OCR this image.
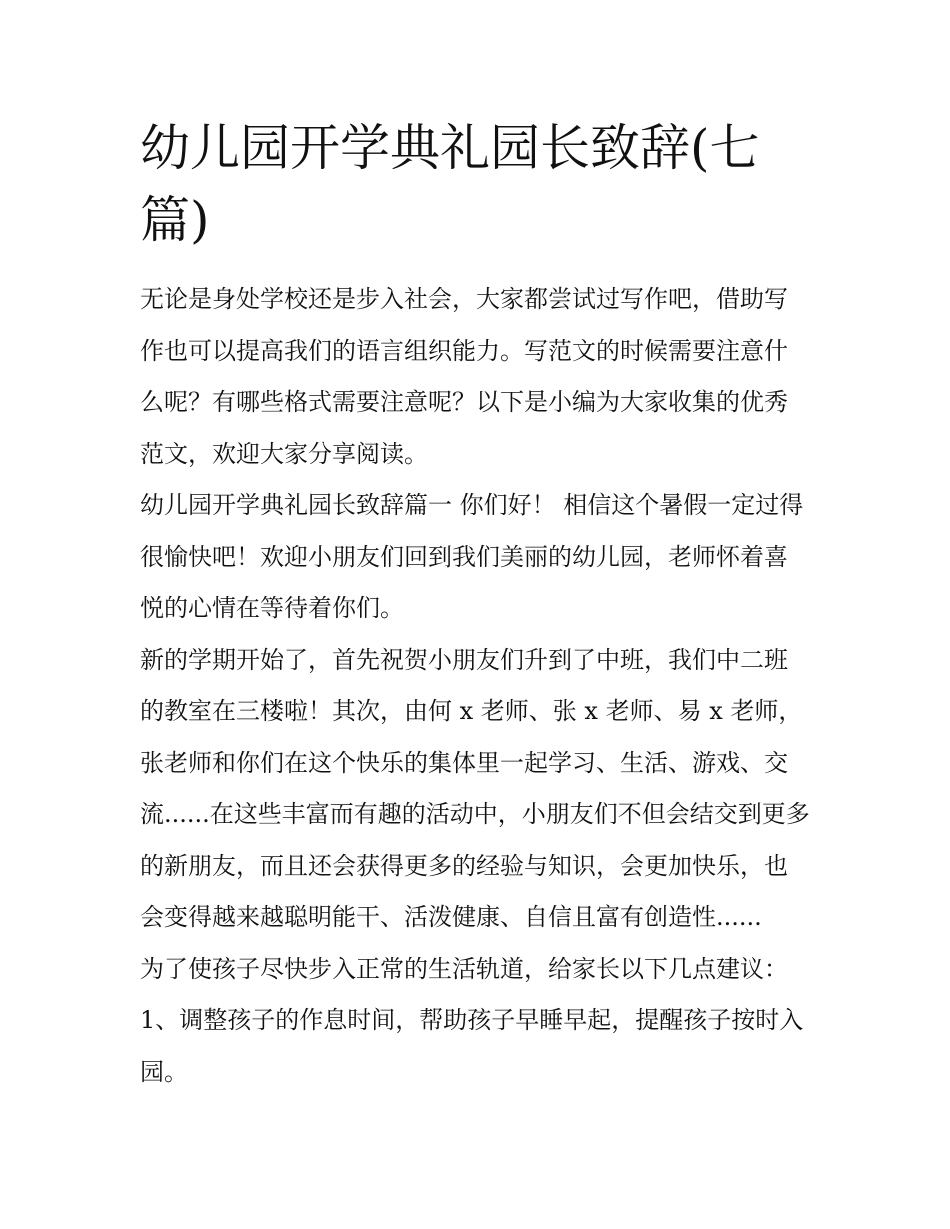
幼儿园开学典礼园长致辞(七篇)

无论是身处学校还是步入社会，大家都尝试过写作吧，借助写作也可以提高我们的语言组织能力。写范文的时候需要注意什么呢？有哪些格式需要注意呢？以下是小编为大家收集的优秀范文，欢迎大家分享阅读。

幼儿园开学典礼园长致辞篇一 你们好！ 相信这个暑假一定过得很愉快吧！欢迎小朋友们回到我们美丽的幼儿园，老师怀着喜悦的心情在等待着你们。

新的学期开始了，首先祝贺小朋友们升到了中班，我们中二班的教室在三楼啦！其次，由何 x 老师、张 x 老师、易 x 老师，张老师和你们在这个快乐的集体里一起学习、生活、游戏、交流......在这些丰富而有趣的活动中，小朋友们不但会结交到更多的新朋友，而且还会获得更多的经验与知识，会更加快乐，也会变得越来越聪明能干、活泼健康、自信且富有创造性......

为了使孩子尽快步入正常的生活轨道，给家长以下几点建议：

1、调整孩子的作息时间，帮助孩子早睡早起，提醒孩子按时入园。
